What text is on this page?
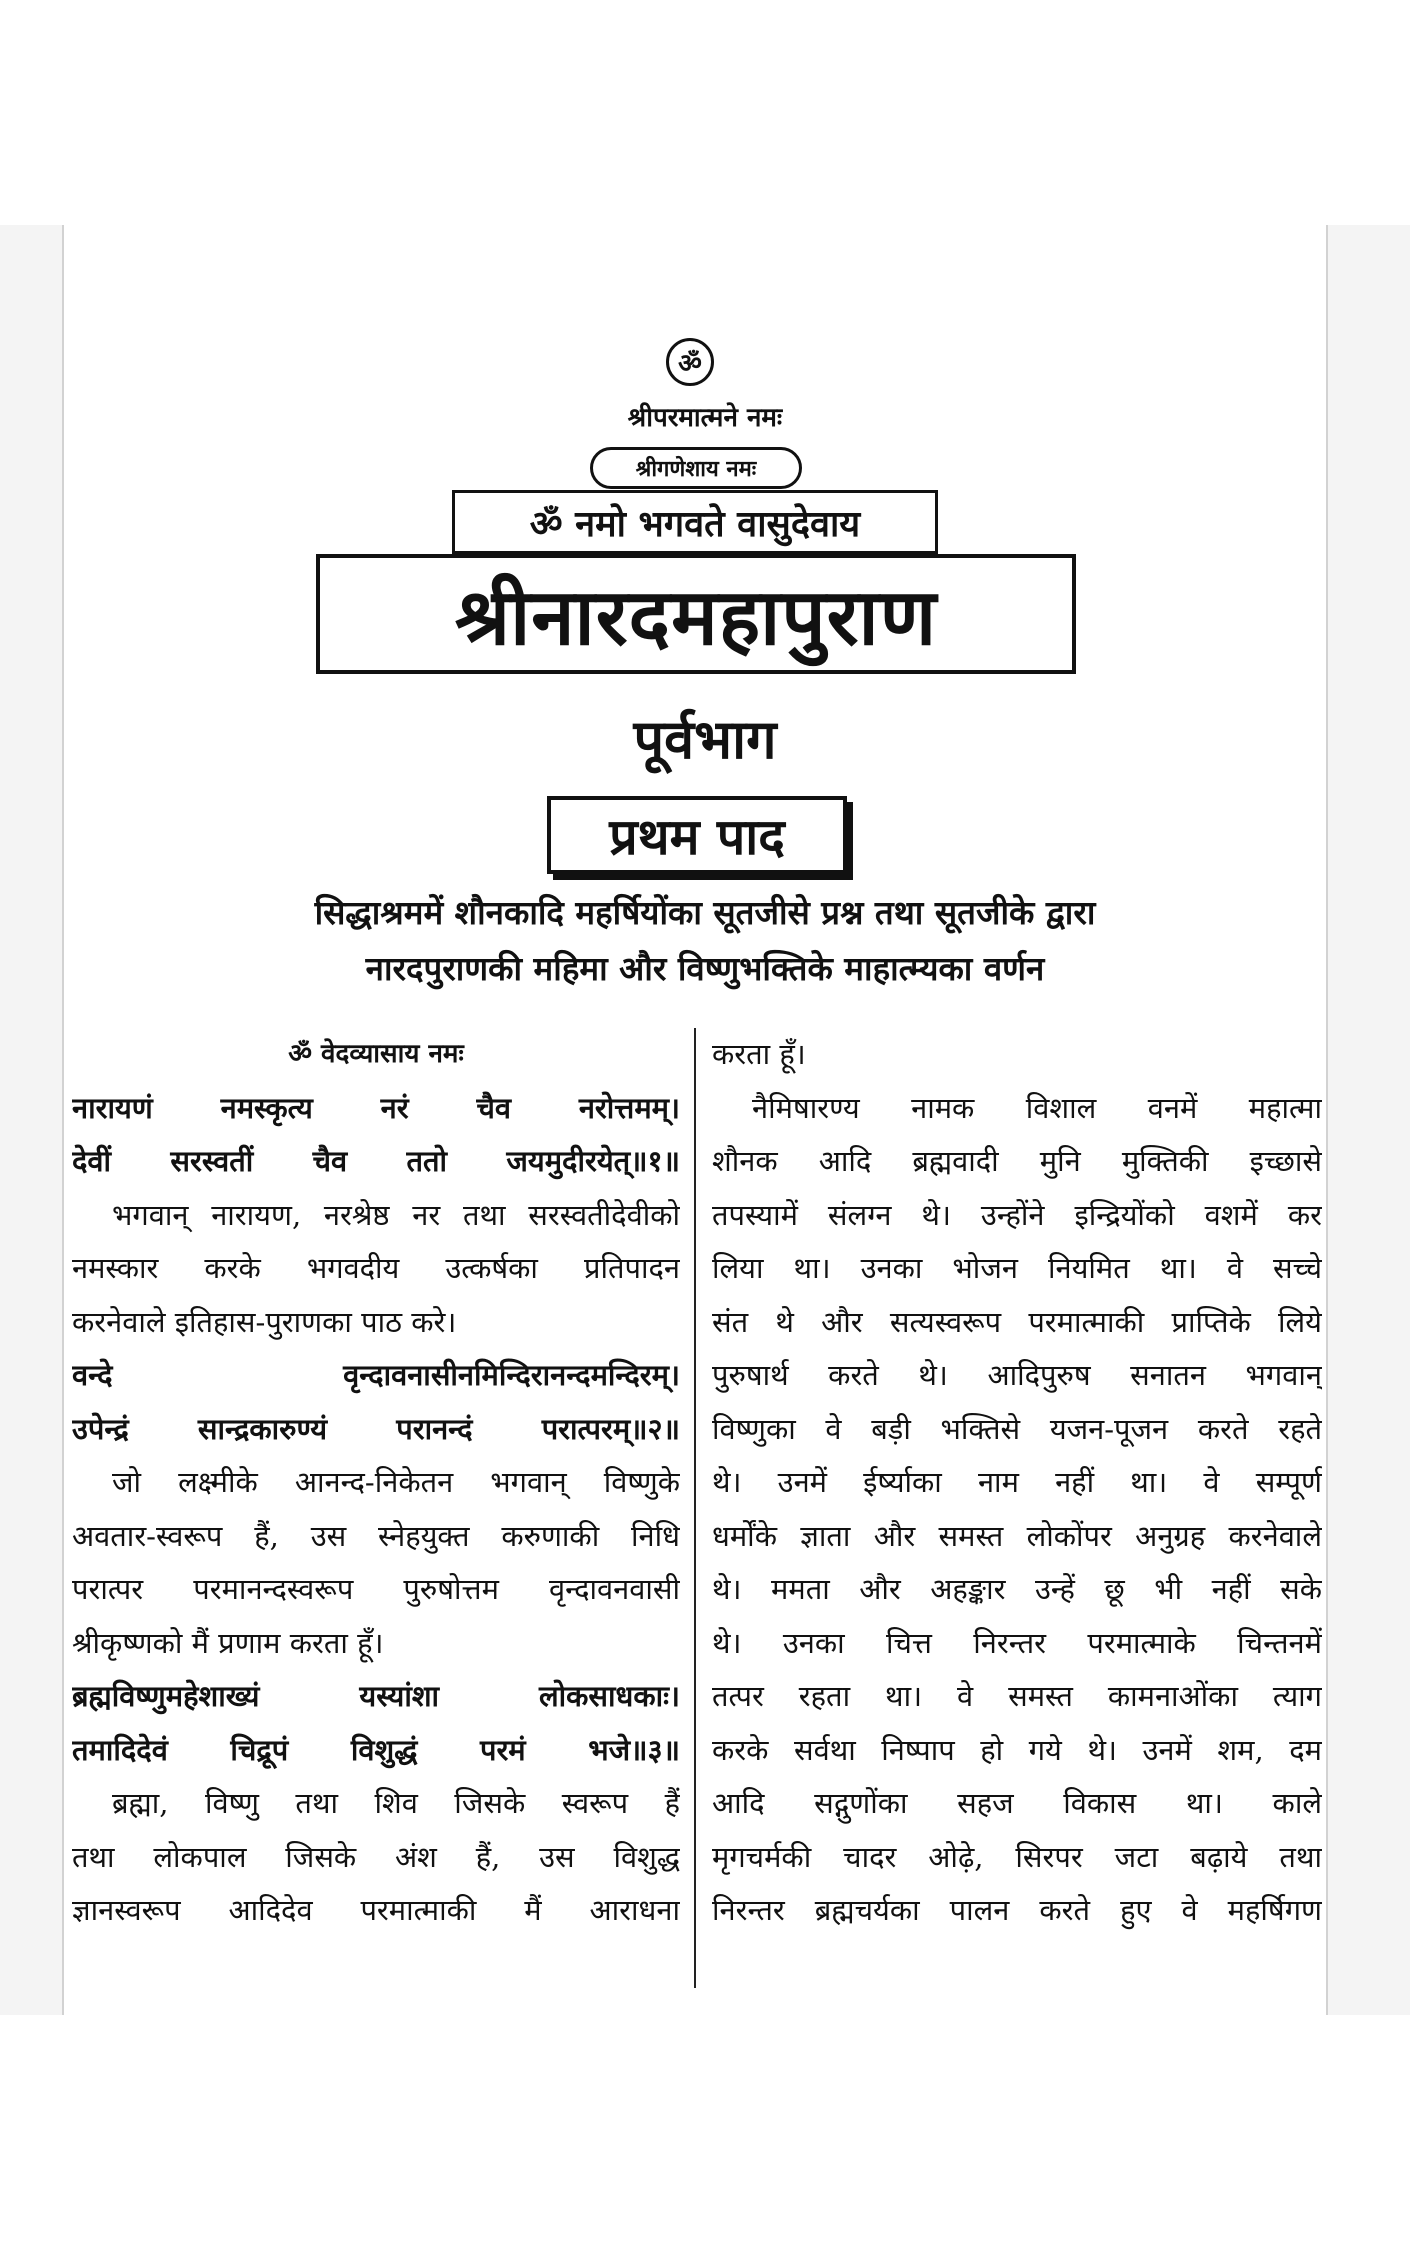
ॐ
श्रीपरमात्मने नमः
श्रीगणेशाय नमः
ॐ नमो भगवते वासुदेवाय
श्रीनारदमहापुराण
पूर्वभाग
प्रथम पाद
सिद्धाश्रममें शौनकादि महर्षियोंका सूतजीसे प्रश्न तथा सूतजीके द्वारा
नारदपुराणकी महिमा और विष्णुभक्तिके माहात्म्यका वर्णन
ॐ वेदव्यासाय नमः
नारायणं नमस्कृत्य नरं चैव नरोत्तमम्।
देवीं सरस्वतीं चैव ततो जयमुदीरयेत्॥१॥
भगवान् नारायण, नरश्रेष्ठ नर तथा सरस्वतीदेवीको
नमस्कार करके भगवदीय उत्कर्षका प्रतिपादन
करनेवाले इतिहास-पुराणका पाठ करे।
वन्दे वृन्दावनासीनमिन्दिरानन्दमन्दिरम्।
उपेन्द्रं सान्द्रकारुण्यं परानन्दं परात्परम्॥२॥
जो लक्ष्मीके आनन्द-निकेतन भगवान् विष्णुके
अवतार-स्वरूप हैं, उस स्नेहयुक्त करुणाकी निधि
परात्पर परमानन्दस्वरूप पुरुषोत्तम वृन्दावनवासी
श्रीकृष्णको मैं प्रणाम करता हूँ।
ब्रह्मविष्णुमहेशाख्यं यस्यांशा लोकसाधकाः।
तमादिदेवं चिद्रूपं विशुद्धं परमं भजे॥३॥
ब्रह्मा, विष्णु तथा शिव जिसके स्वरूप हैं
तथा लोकपाल जिसके अंश हैं, उस विशुद्ध
ज्ञानस्वरूप आदिदेव परमात्माकी मैं आराधना
करता हूँ।
नैमिषारण्य नामक विशाल वनमें महात्मा
शौनक आदि ब्रह्मवादी मुनि मुक्तिकी इच्छासे
तपस्यामें संलग्न थे। उन्होंने इन्द्रियोंको वशमें कर
लिया था। उनका भोजन नियमित था। वे सच्चे
संत थे और सत्यस्वरूप परमात्माकी प्राप्तिके लिये
पुरुषार्थ करते थे। आदिपुरुष सनातन भगवान्
विष्णुका वे बड़ी भक्तिसे यजन-पूजन करते रहते
थे। उनमें ईर्ष्याका नाम नहीं था। वे सम्पूर्ण
धर्मोंके ज्ञाता और समस्त लोकोंपर अनुग्रह करनेवाले
थे। ममता और अहङ्कार उन्हें छू भी नहीं सके
थे। उनका चित्त निरन्तर परमात्माके चिन्तनमें
तत्पर रहता था। वे समस्त कामनाओंका त्याग
करके सर्वथा निष्पाप हो गये थे। उनमें शम, दम
आदि सद्गुणोंका सहज विकास था। काले
मृगचर्मकी चादर ओढ़े, सिरपर जटा बढ़ाये तथा
निरन्तर ब्रह्मचर्यका पालन करते हुए वे महर्षिगण
